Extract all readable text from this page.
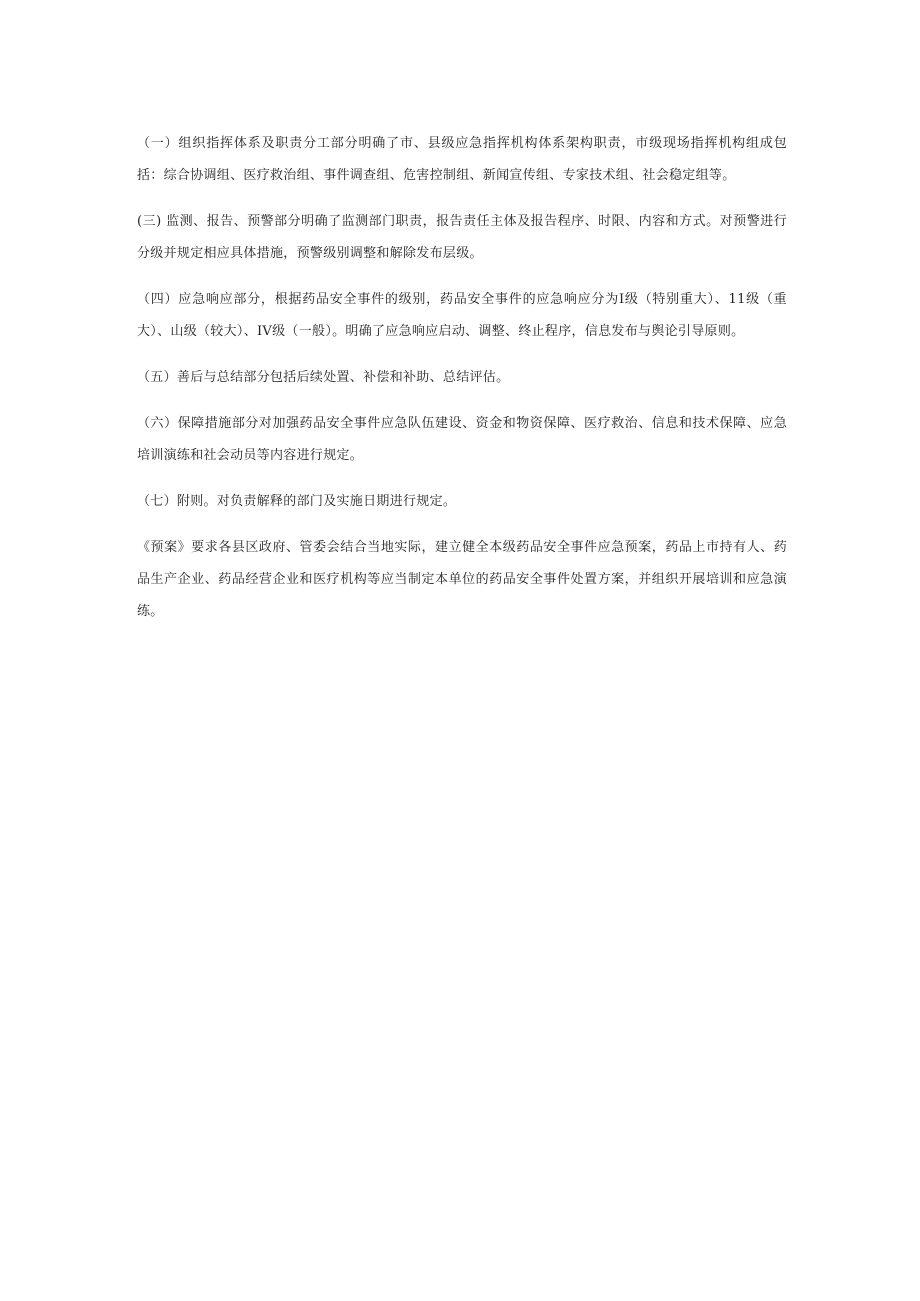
（一）组织指挥体系及职责分工部分明确了市、县级应急指挥机构体系架构职责，市级现场指挥机构组成包括：综合协调组、医疗救治组、事件调查组、危害控制组、新闻宣传组、专家技术组、社会稳定组等。

(三) 监测、报告、预警部分明确了监测部门职责，报告责任主体及报告程序、时限、内容和方式。对预警进行分级并规定相应具体措施，预警级别调整和解除发布层级。

（四）应急响应部分，根据药品安全事件的级别，药品安全事件的应急响应分为I级（特别重大）、11级（重大）、山级（较大）、IV级（一般）。明确了应急响应启动、调整、终止程序，信息发布与舆论引导原则。

（五）善后与总结部分包括后续处置、补偿和补助、总结评估。

（六）保障措施部分对加强药品安全事件应急队伍建设、资金和物资保障、医疗救治、信息和技术保障、应急培训演练和社会动员等内容进行规定。

（七）附则。对负责解释的部门及实施日期进行规定。

《预案》要求各县区政府、管委会结合当地实际，建立健全本级药品安全事件应急预案，药品上市持有人、药品生产企业、药品经营企业和医疗机构等应当制定本单位的药品安全事件处置方案，并组织开展培训和应急演练。
